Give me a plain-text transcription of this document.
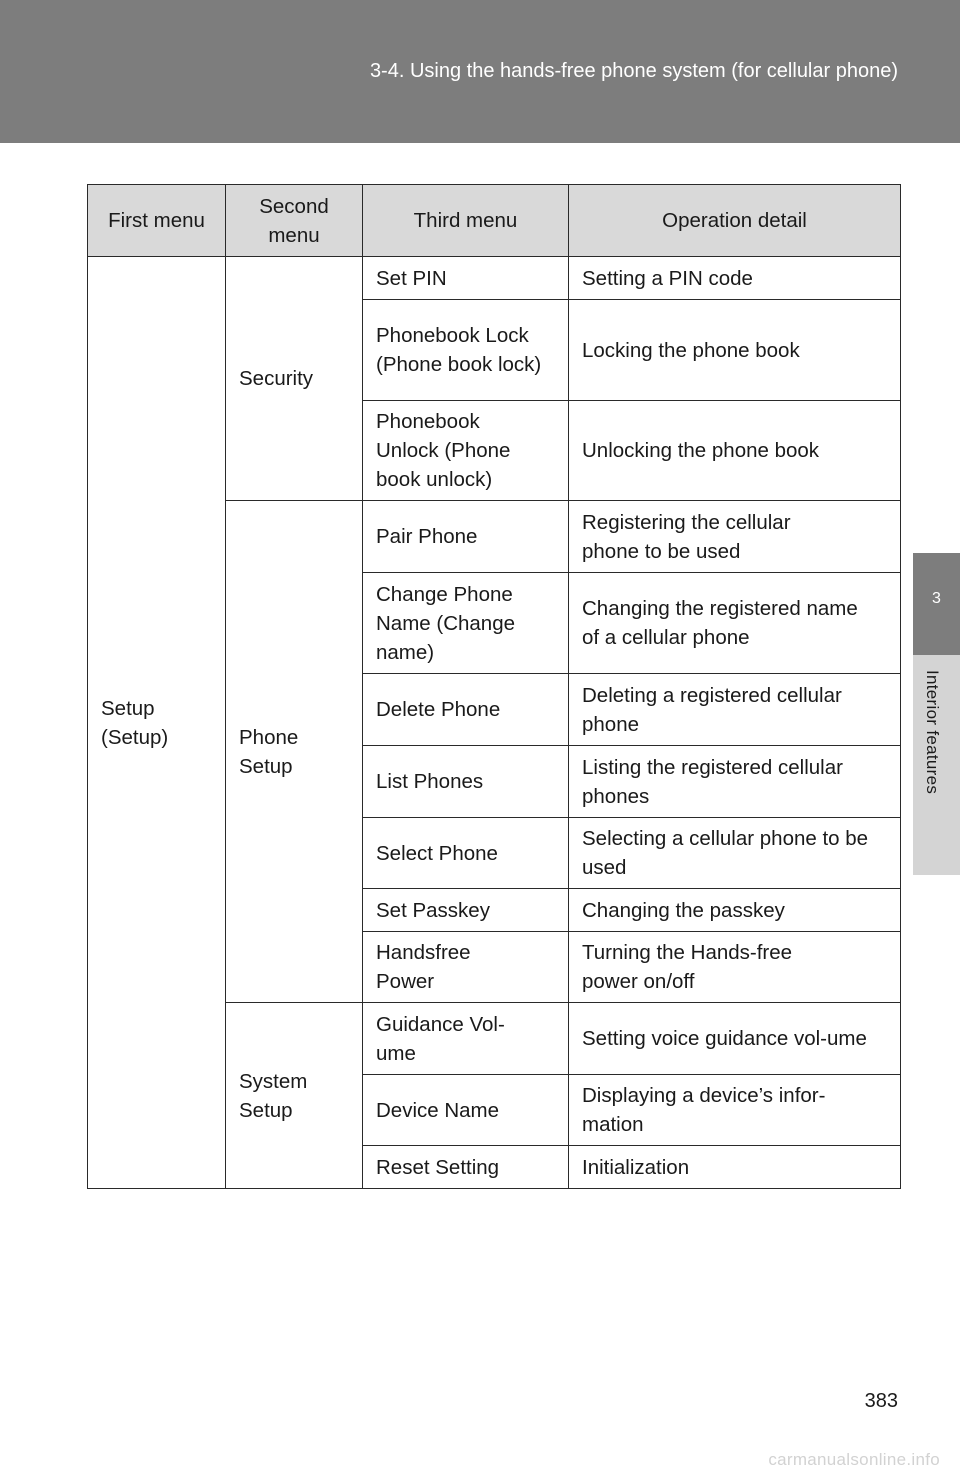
3-4. Using the hands-free phone system (for cellular phone)
3
Interior features
First menu	Second menu	Third menu	Operation detail
Setup (Setup)	Security	Set PIN	Setting a PIN code
		Phonebook Lock (Phone book lock)	Locking the phone book
		Phonebook Unlock (Phone book unlock)	Unlocking the phone book
	Phone Setup	Pair Phone	Registering the cellular phone to be used
		Change Phone Name (Change name)	Changing the registered name of a cellular phone
		Delete Phone	Deleting a registered cellular phone
		List Phones	Listing the registered cellular phones
		Select Phone	Selecting a cellular phone to be used
		Set Passkey	Changing the passkey
		Handsfree Power	Turning the Hands-free power on/off
	System Setup	Guidance Vol-ume	Setting voice guidance vol-ume
		Device Name	Displaying a device’s infor-mation
		Reset Setting	Initialization
383
carmanualsonline.info
